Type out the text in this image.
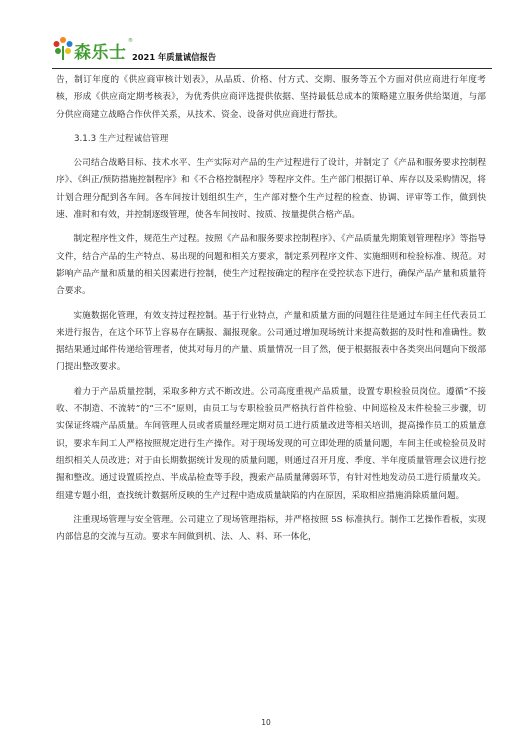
森乐士
®
2021 年质量诚信报告

告，制订年度的《供应商审核计划表》，从品质、价格、付方式、交期、服务等五个方面对供应商进行年度考核，形成《供应商定期考核表》，为优秀供应商评选提供依据、坚持最低总成本的策略建立服务供给渠道，与部分供应商建立战略合作伙伴关系，从技术、资金、设备对供应商进行帮扶。

3.1.3 生产过程诚信管理

公司结合战略目标、技术水平、生产实际对产品的生产过程进行了设计，并制定了《产品和服务要求控制程序》、《纠正/预防措施控制程序》和《不合格控制程序》等程序文件。生产部门根据订单、库存以及采购情况，将计划合理分配到各车间。各车间按计划组织生产，生产部对整个生产过程的检查、协调、评审等工作，做到快速、准时和有效，并控制逐级管理，使各车间按时、按质、按量提供合格产品。

制定程序性文件，规范生产过程。按照《产品和服务要求控制程序》、《产品质量先期策划管理程序》等指导文件，结合产品的生产特点、易出现的问题和相关方要求，制定系列程序文件、实施细则和检验标准、规范。对影响产品产量和质量的相关因素进行控制，使生产过程按确定的程序在受控状态下进行，确保产品产量和质量符合要求。

实施数据化管理，有效支持过程控制。基于行业特点，产量和质量方面的问题往往是通过车间主任代表员工来进行报告，在这个环节上容易存在瞒报、漏报现象。公司通过增加现场统计来提高数据的及时性和准确性。数据结果通过邮件传递给管理者，使其对每月的产量、质量情况一目了然，便于根据报表中各类突出问题向下级部门提出整改要求。

着力于产品质量控制，采取多种方式不断改进。公司高度重视产品质量，设置专职检验员岗位。遵循“不接收、不制造、不流转”的“三不”原则，由员工与专职检验员严格执行首件检验、中间巡检及末件检验三步骤，切实保证终端产品质量。车间管理人员或者质量经理定期对员工进行质量改进等相关培训，提高操作员工的质量意识，要求车间工人严格按照规定进行生产操作。对于现场发现的可立即处理的质量问题，车间主任或检验员及时组织相关人员改进；对于由长期数据统计发现的质量问题，则通过召开月度、季度、半年度质量管理会议进行挖掘和整改。通过设置质控点、半成品检查等手段，搜索产品质量薄弱环节，有针对性地发动员工进行质量攻关。组建专题小组，查找统计数据所反映的生产过程中造成质量缺陷的内在原因，采取相应措施消除质量问题。

注重现场管理与安全管理。公司建立了现场管理指标，并严格按照 5S 标准执行。制作工艺操作看板，实现内部信息的交流与互动。要求车间做到机、法、人、料、环一体化，

10
